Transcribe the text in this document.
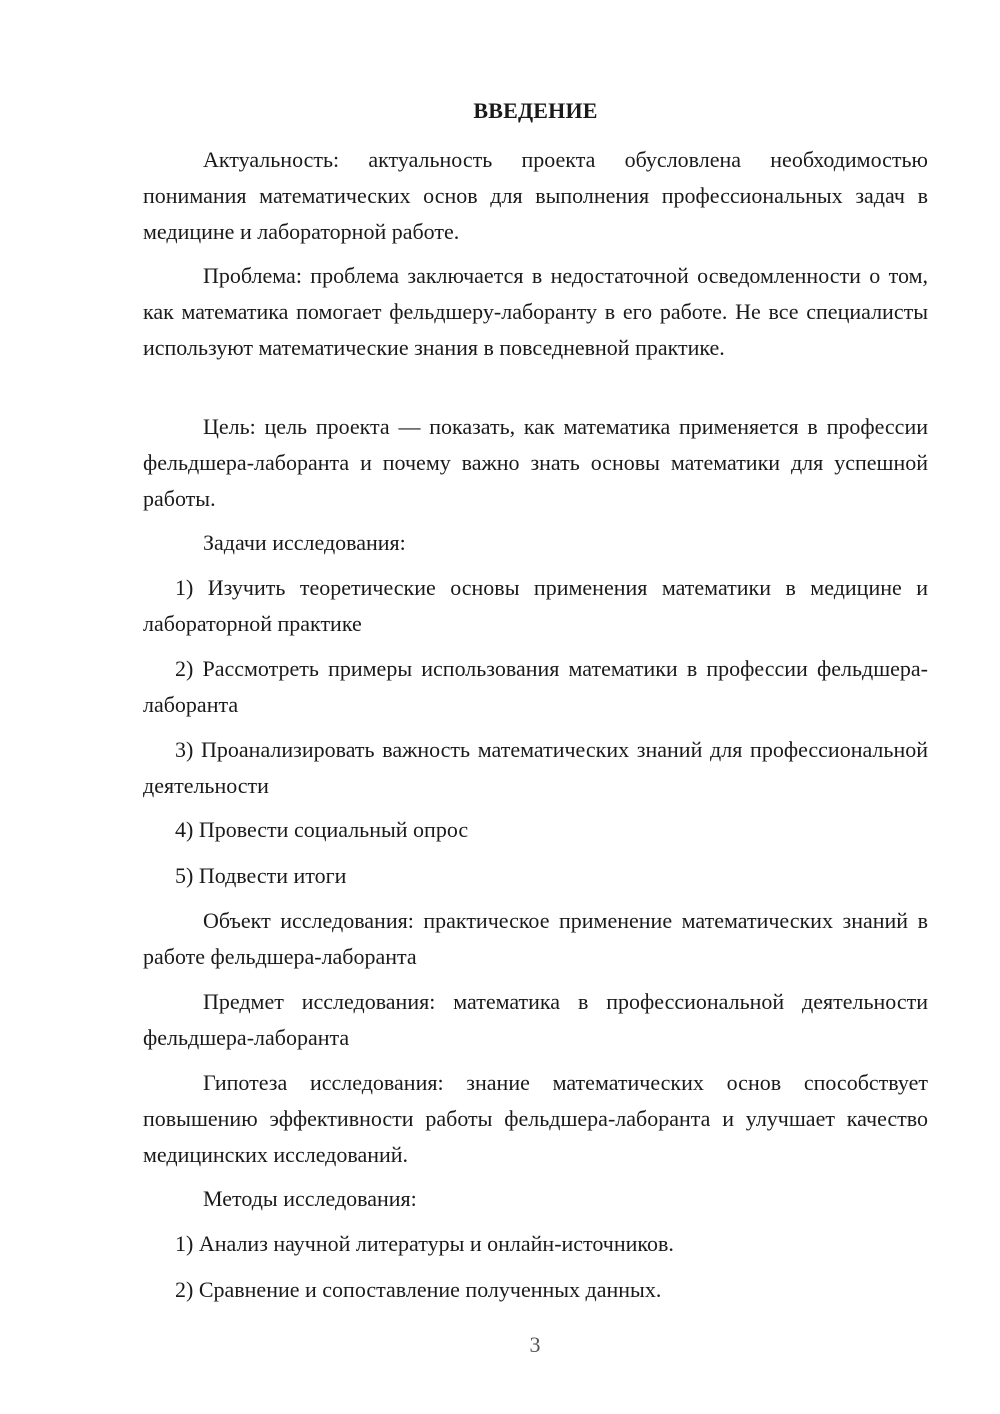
ВВЕДЕНИЕ

Актуальность: актуальность проекта обусловлена необходимостью понимания математических основ для выполнения профессиональных задач в медицине и лабораторной работе.

Проблема: проблема заключается в недостаточной осведомленности о том, как математика помогает фельдшеру-лаборанту в его работе. Не все специалисты используют математические знания в повседневной практике.

Цель: цель проекта — показать, как математика применяется в профессии фельдшера-лаборанта и почему важно знать основы математики для успешной работы.

Задачи исследования:

1) Изучить теоретические основы применения математики в медицине и лабораторной практике

2) Рассмотреть примеры использования математики в профессии фельдшера-лаборанта

3) Проанализировать важность математических знаний для профессиональной деятельности

4) Провести социальный опрос

5) Подвести итоги

Объект исследования: практическое применение математических знаний в работе фельдшера-лаборанта

Предмет исследования: математика в профессиональной деятельности фельдшера-лаборанта

Гипотеза исследования: знание математических основ способствует повышению эффективности работы фельдшера-лаборанта и улучшает качество медицинских исследований.

Методы исследования:

1) Анализ научной литературы и онлайн-источников.

2) Сравнение и сопоставление полученных данных.

3
